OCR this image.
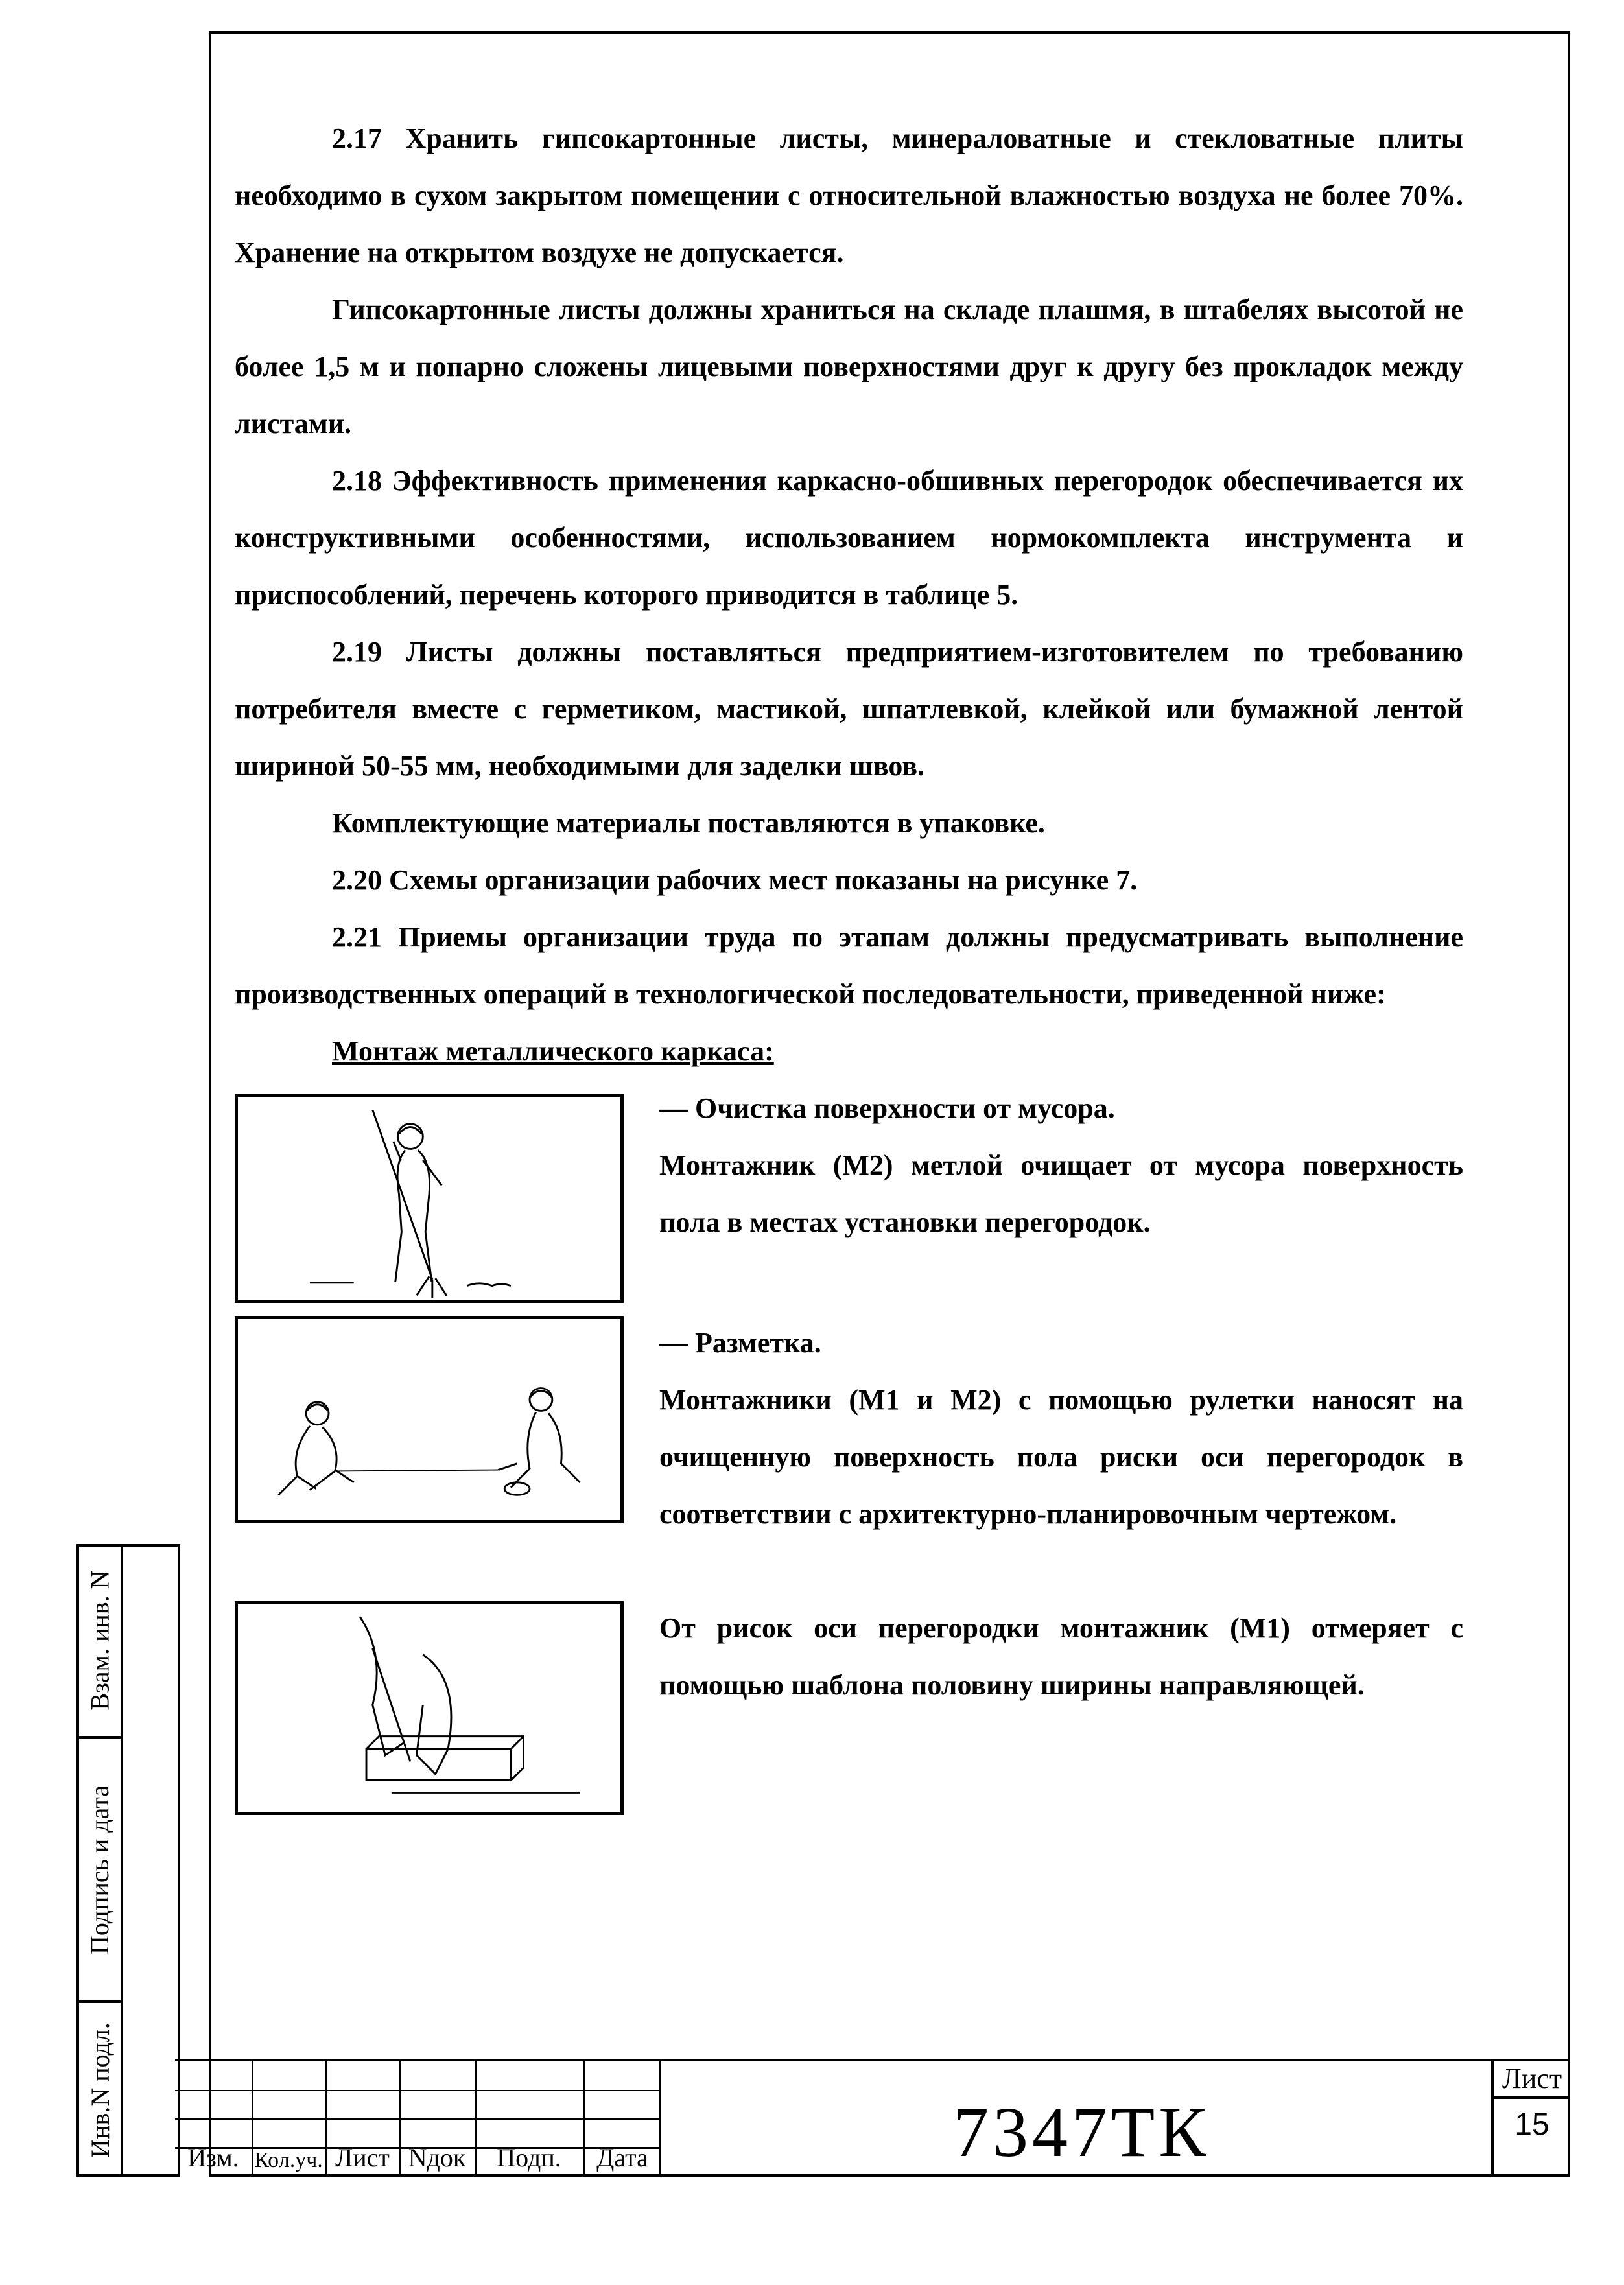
2.17 Хранить гипсокартонные листы, минераловатные и стекловатные плиты необходимо в сухом закрытом помещении с относительной влажностью воздуха не более 70%. Хранение на открытом воздухе не допускается.

Гипсокартонные листы должны храниться на складе плашмя, в штабелях высотой не более 1,5 м и попарно сложены лицевыми поверхностями друг к другу без прокладок между листами.

2.18 Эффективность применения каркасно-обшивных перегородок обеспечивается их конструктивными особенностями, использованием нормокомплекта инструмента и приспособлений, перечень которого приводится в таблице 5.

2.19 Листы должны поставляться предприятием-изготовителем по требованию потребителя вместе с герметиком, мастикой, шпатлевкой, клейкой или бумажной лентой шириной 50-55 мм, необходимыми для заделки швов.

Комплектующие материалы поставляются в упаковке.

2.20 Схемы организации рабочих мест показаны на рисунке 7.

2.21 Приемы организации труда по этапам должны предусматривать выполнение производственных операций в технологической последовательности, приведенной ниже:

Монтаж металлического каркаса:

— Очистка поверхности от мусора.

Монтажник (М2) метлой очищает от мусора поверхность пола в местах установки перегородок.

— Разметка.

Монтажники (М1 и М2) с помощью рулетки наносят на очищенную поверхность пола риски оси перегородок в соответствии с архитектурно-планировочным чертежом.

От рисок оси перегородки монтажник (М1) отмеряет с помощью шаблона половину ширины направляющей.

Взам. инв. N
Подпись и дата
Инв.N подл.
Изм. Кол.уч. Лист Nдок	Подп.	Дата	7347ТК
Лист
15
